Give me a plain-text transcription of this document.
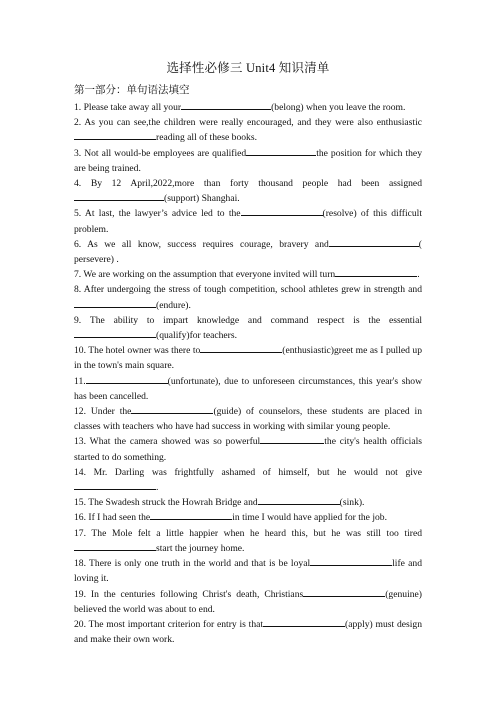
选择性必修三 Unit4 知识清单
第一部分：单句语法填空

1. Please take away all your	(belong) when you leave the room.

2. As you can see,the children were really encouraged, and they were also enthusiasticreading all of these books.

3. Not all would-be employees are qualified	the position for which they are being trained.

4. By 12 April,2022,more than forty thousand people had been assigned(support) Shanghai.

5. At last, the lawyer’s advice led to the	(resolve) of this difficult problem.

6. As we all know, success requires courage, bravery and	( persevere) .

7. We are working on the assumption that everyone invited will turn	.

8. After undergoing the stress of tough competition, school athletes grew in strength and(endure).

9. The ability to impart knowledge and command respect is the essential(qualify)for teachers.

10. The hotel owner was there to	(enthusiastic)greet me as I pulled up in the town's main square.

11.	(unfortunate), due to unforeseen circumstances, this year's show has been cancelled.

12. Under the	(guide) of counselors, these students are placed in classes with teachers who have had success in working with similar young people.

13. What the camera showed was so powerful	the city's health officials started to do something.

14. Mr. Darling was frightfully ashamed of himself, but he would not give.

15. The Swadesh struck the Howrah Bridge and	(sink).

16. If I had seen the	in time I would have applied for the job.

17. The Mole felt a little happier when he heard this, but he was still too tiredstart the journey home.

18. There is only one truth in the world and that is be loyal	life and loving it.

19. In the centuries following Christ's death, Christians	(genuine) believed the world was about to end.

20. The most important criterion for entry is that	(apply) must design and make their own work.
